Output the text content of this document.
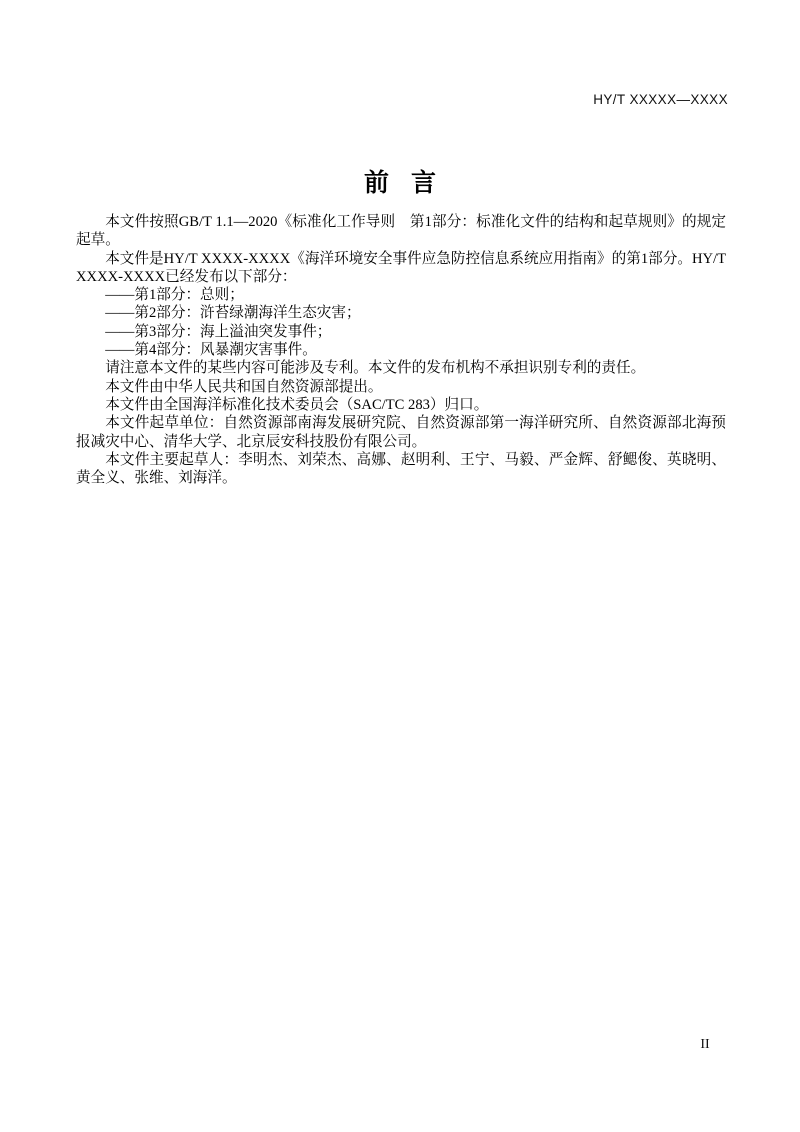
HY/T XXXXX—XXXX
前言

本文件按照GB/T 1.1—2020《标准化工作导则　第1部分：标准化文件的结构和起草规则》的规定起草。

本文件是HY/T XXXX-XXXX《海洋环境安全事件应急防控信息系统应用指南》的第1部分。HY/T XXXX-XXXX已经发布以下部分：

——第1部分：总则；

——第2部分：浒苔绿潮海洋生态灾害；

——第3部分：海上溢油突发事件；

——第4部分：风暴潮灾害事件。

请注意本文件的某些内容可能涉及专利。本文件的发布机构不承担识别专利的责任。

本文件由中华人民共和国自然资源部提出。

本文件由全国海洋标准化技术委员会（SAC/TC 283）归口。

本文件起草单位：自然资源部南海发展研究院、自然资源部第一海洋研究所、自然资源部北海预报减灾中心、清华大学、北京辰安科技股份有限公司。

本文件主要起草人：李明杰、刘荣杰、高娜、赵明利、王宁、马毅、严金辉、舒鳃俊、英晓明、黄全义、张维、刘海洋。

II
